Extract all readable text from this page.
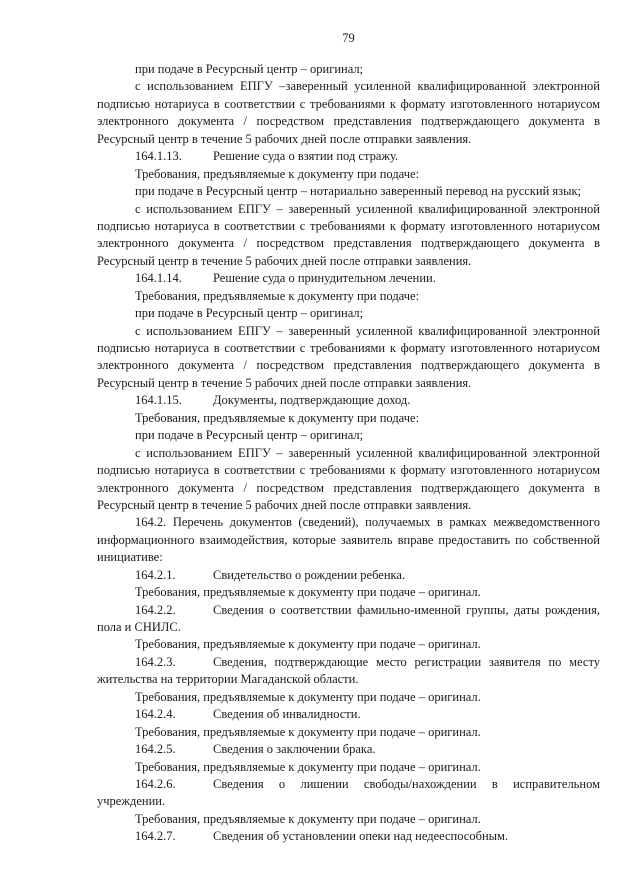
79
при подаче в Ресурсный центр – оригинал;
с использованием ЕПГУ –заверенный усиленной квалифицированной электронной
подписью нотариуса в соответствии с требованиями к формату изготовленного нотариусом
электронного документа / посредством представления подтверждающего документа в
Ресурсный центр в течение 5 рабочих дней после отправки заявления.
164.1.13.	Решение суда о взятии под стражу.
Требования, предъявляемые к документу при подаче:
при подаче в Ресурсный центр – нотариально заверенный перевод на русский язык;
с использованием ЕПГУ – заверенный усиленной квалифицированной электронной
подписью нотариуса в соответствии с требованиями к формату изготовленного нотариусом
электронного документа / посредством представления подтверждающего документа в
Ресурсный центр в течение 5 рабочих дней после отправки заявления.
164.1.14.	Решение суда о принудительном лечении.
Требования, предъявляемые к документу при подаче:
при подаче в Ресурсный центр – оригинал;
с использованием ЕПГУ – заверенный усиленной квалифицированной электронной
подписью нотариуса в соответствии с требованиями к формату изготовленного нотариусом
электронного документа / посредством представления подтверждающего документа в
Ресурсный центр в течение 5 рабочих дней после отправки заявления.
164.1.15.	Документы, подтверждающие доход.
Требования, предъявляемые к документу при подаче:
при подаче в Ресурсный центр – оригинал;
с использованием ЕПГУ – заверенный усиленной квалифицированной электронной
подписью нотариуса в соответствии с требованиями к формату изготовленного нотариусом
электронного документа / посредством представления подтверждающего документа в
Ресурсный центр в течение 5 рабочих дней после отправки заявления.
164.2. Перечень документов (сведений), получаемых в рамках межведомственного
информационного взаимодействия, которые заявитель вправе предоставить по собственной
инициативе:
164.2.1.	Свидетельство о рождении ребенка.
Требования, предъявляемые к документу при подаче – оригинал.
164.2.2.	Сведения о соответствии фамильно-именной группы, даты рождения,
пола и СНИЛС.
Требования, предъявляемые к документу при подаче – оригинал.
164.2.3.	Сведения, подтверждающие место регистрации заявителя по месту
жительства на территории Магаданской области.
Требования, предъявляемые к документу при подаче – оригинал.
164.2.4.	Сведения об инвалидности.
Требования, предъявляемые к документу при подаче – оригинал.
164.2.5.	Сведения о заключении брака.
Требования, предъявляемые к документу при подаче – оригинал.
164.2.6.	Сведения о лишении свободы/нахождении в исправительном
учреждении.
Требования, предъявляемые к документу при подаче – оригинал.
164.2.7.	Сведения об установлении опеки над недееспособным.
